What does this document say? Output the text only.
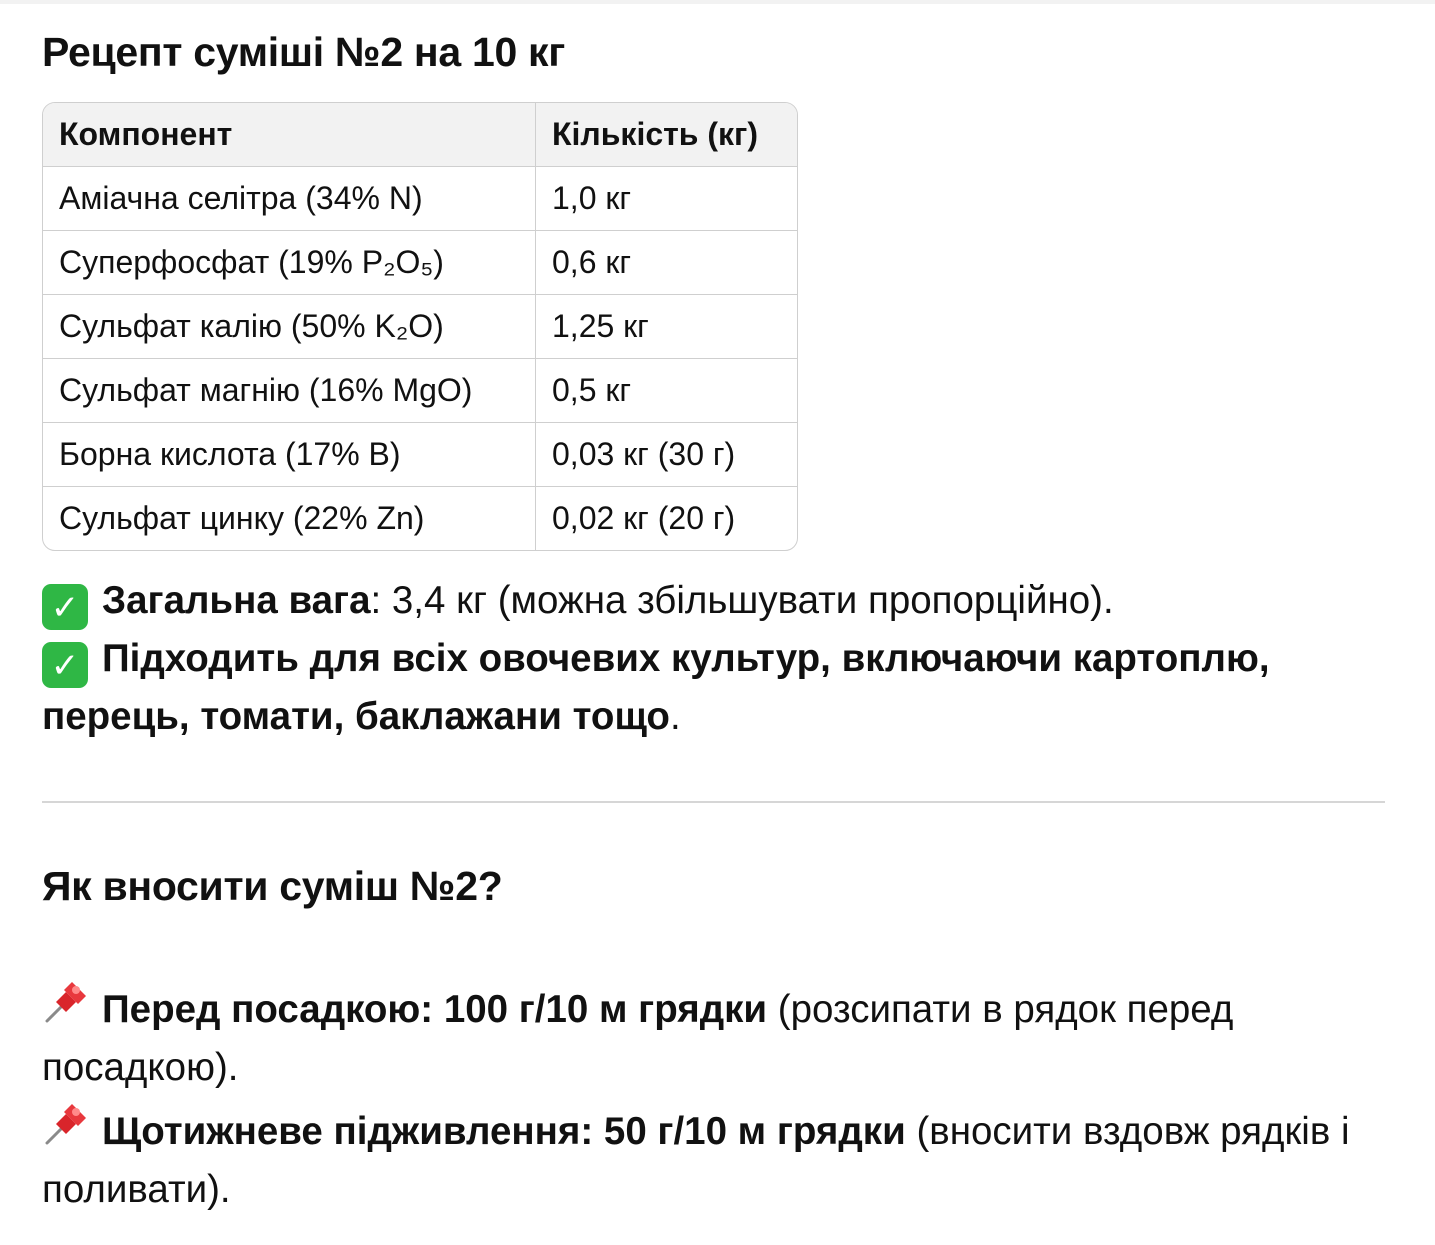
Рецепт суміші №2 на 10 кг
Компонент	Кількість (кг)
Аміачна селітра (34% N)	1,0 кг
Суперфосфат (19% P₂O₅)	0,6 кг
Сульфат калію (50% K₂O)	1,25 кг
Сульфат магнію (16% MgO)	0,5 кг
Борна кислота (17% B)	0,03 кг (30 г)
Сульфат цинку (22% Zn)	0,02 кг (20 г)

✓ Загальна вага: 3,4 кг (можна збільшувати пропорційно).

✓ Підходить для всіх овочевих культур, включаючи картоплю, перець, томати, баклажани тощо.

Як вносити суміш №2?

Перед посадкою: 100 г/10 м грядки (розсипати в рядок перед посадкою).

Щотижневе підживлення: 50 г/10 м грядки (вносити вздовж рядків і поливати).
